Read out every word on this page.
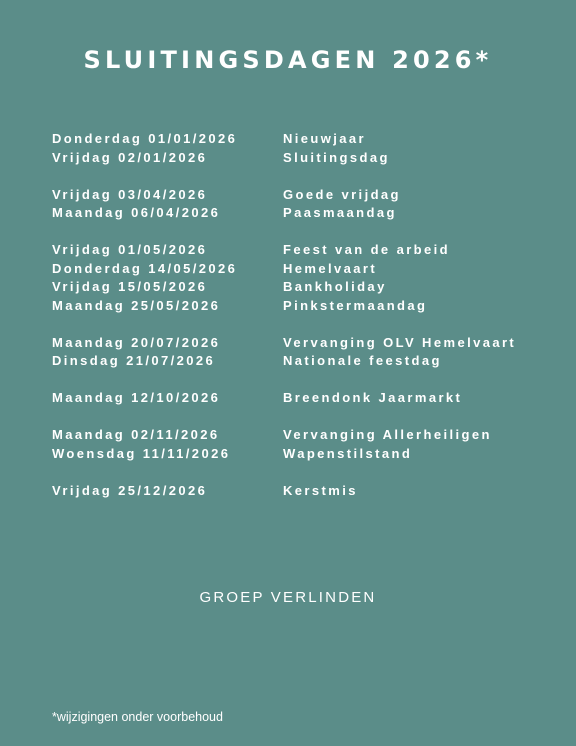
SLUITINGSDAGEN 2026*
Donderdag 01/01/2026	Nieuwjaar
Vrijdag 02/01/2026	Sluitingsdag
Vrijdag 03/04/2026	Goede vrijdag
Maandag 06/04/2026	Paasmaandag
Vrijdag 01/05/2026	Feest van de arbeid
Donderdag 14/05/2026	Hemelvaart
Vrijdag 15/05/2026	Bankholiday
Maandag 25/05/2026	Pinkstermaandag
Maandag 20/07/2026	Vervanging OLV Hemelvaart
Dinsdag 21/07/2026	Nationale feestdag
Maandag 12/10/2026	Breendonk Jaarmarkt
Maandag 02/11/2026	Vervanging Allerheiligen
Woensdag 11/11/2026	Wapenstilstand
Vrijdag 25/12/2026	Kerstmis
GROEP VERLINDEN
*wijzigingen onder voorbehoud
